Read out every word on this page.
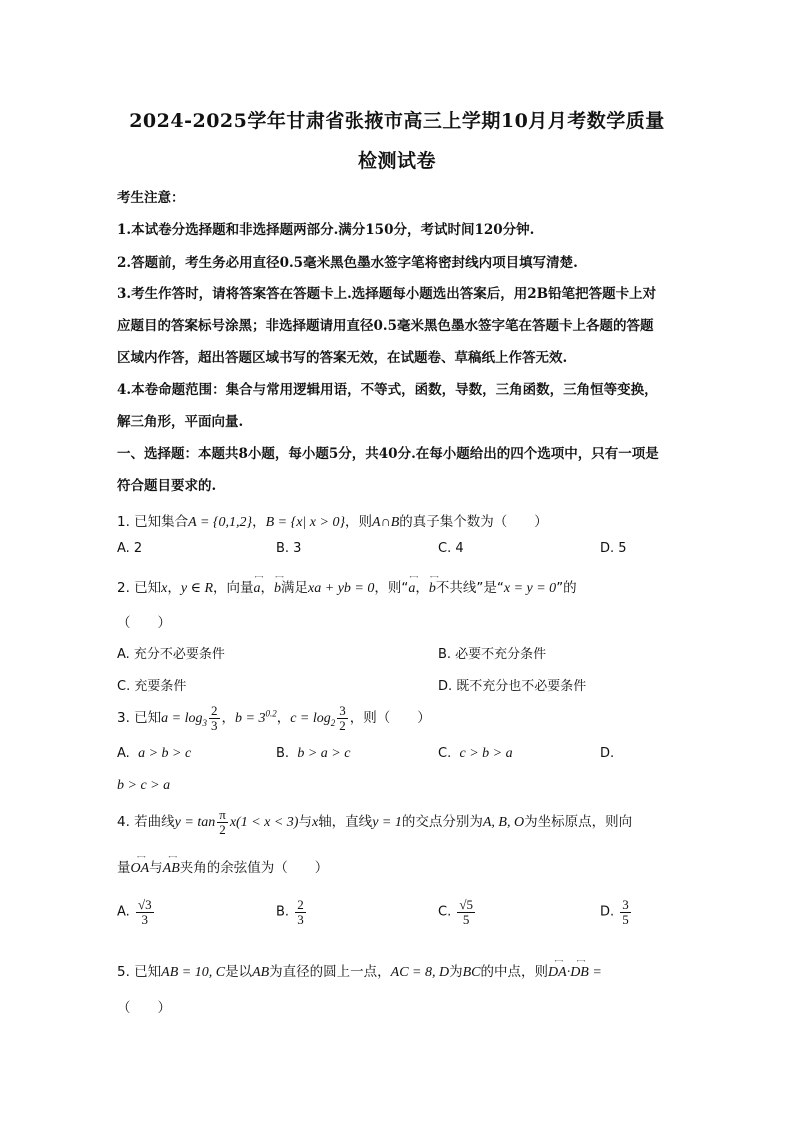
2024-2025学年甘肃省张掖市高三上学期10月月考数学质量
检测试卷
考生注意：
1.本试卷分选择题和非选择题两部分.满分150分，考试时间120分钟.
2.答题前，考生务必用直径0.5毫米黑色墨水签字笔将密封线内项目填写清楚.
3.考生作答时，请将答案答在答题卡上.选择题每小题选出答案后，用2B铅笔把答题卡上对
应题目的答案标号涂黑；非选择题请用直径0.5毫米黑色墨水签字笔在答题卡上各题的答题
区域内作答，超出答题区域书写的答案无效，在试题卷、草稿纸上作答无效.
4.本卷命题范围：集合与常用逻辑用语，不等式，函数，导数，三角函数，三角恒等变换，
解三角形，平面向量.
一、选择题：本题共8小题，每小题5分，共40分.在每小题给出的四个选项中，只有一项是
符合题目要求的.
1. 已知集合A = {0,1,2}，B = {x| x > 0}，则A∩B的真子集个数为（　　）
A. 2	B. 3	C. 4	D. 5
2. 已知x，y ∈ R，向量←→ a，←→ b满足xa + yb = 0，则“←→ a，←→ b不共线”是“x = y = 0”的
（　　）
A. 充分不必要条件	B. 必要不充分条件
C. 充要条件	D. 既不充分也不必要条件
3. 已知$a = \log_3 \frac{2}{3}$ ，$b = 3^{0.2}$，$c = \log_2 \frac{3}{2}$ ，则（　　）
A. a > b > c	B. b > a > c	C. c > b > a	D.
b > c > a
4. 若曲线$y = \tan \frac{\pi}{2} x(1 < x < 3)$与x轴，直线y = 1的交点分别为A, B, O为坐标原点，则向
量←→ OA与←→ AB夹角的余弦值为（　　）
A. $\frac{√3}{3}$	B. $\frac{2}{3}$	C. $\frac{√5}{5}$	D. $\frac{3}{5}$
5. 已知AB = 10, C是以AB为直径的圆上一点，AC = 8, D为BC的中点，则←→ DA·←→ DB =
（　　）
